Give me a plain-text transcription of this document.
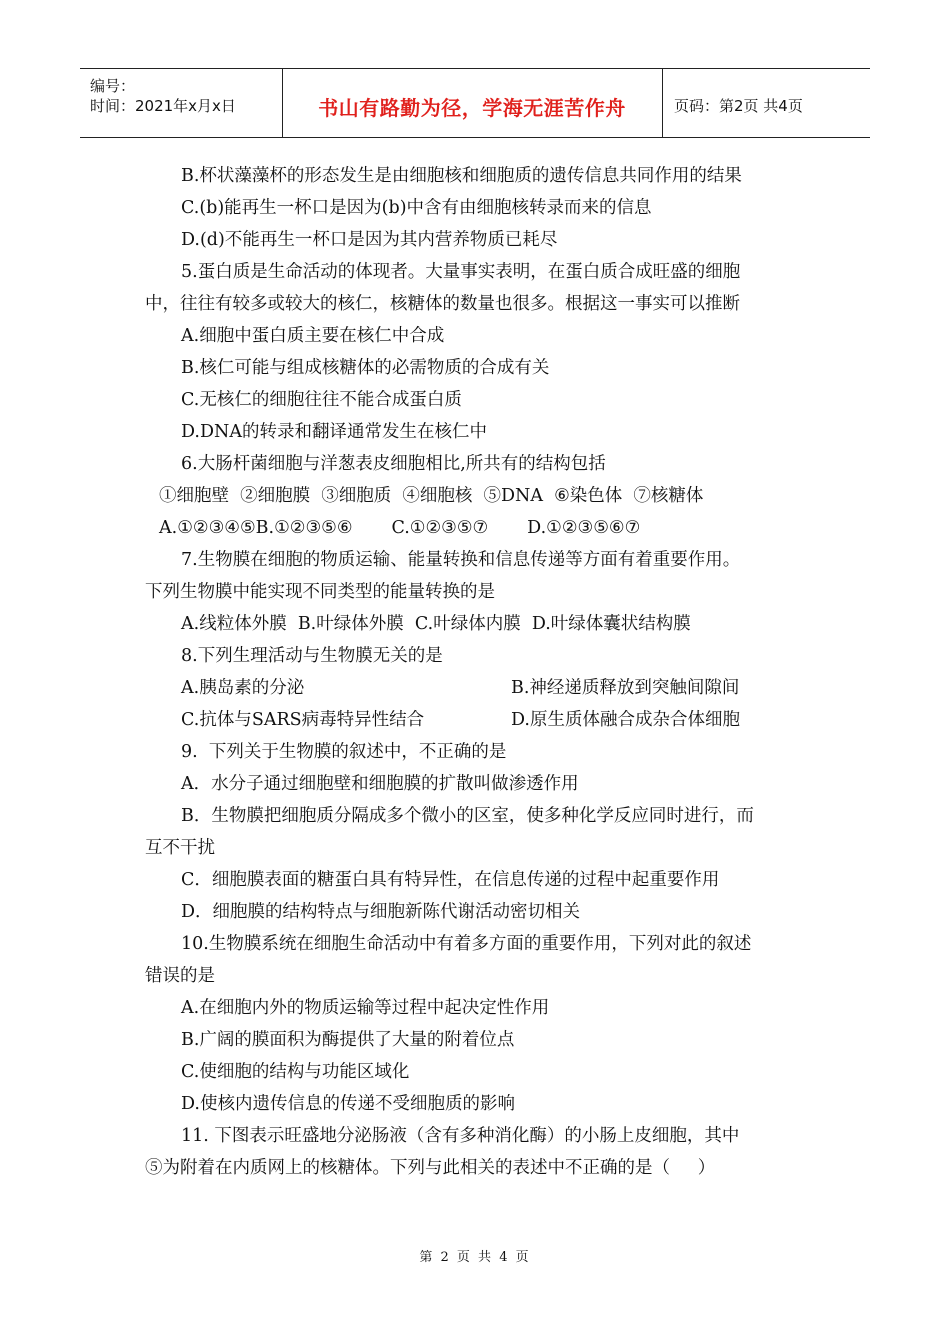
编号：
时间：2021年x月x日	书山有路勤为径，学海无涯苦作舟	页码：第2页 共4页
B.杯状藻藻杯的形态发生是由细胞核和细胞质的遗传信息共同作用的结果
C.(b)能再生一杯口是因为(b)中含有由细胞核转录而来的信息
D.(d)不能再生一杯口是因为其内营养物质已耗尽
5.蛋白质是生命活动的体现者。大量事实表明，在蛋白质合成旺盛的细胞
中，往往有较多或较大的核仁，核糖体的数量也很多。根据这一事实可以推断
A.细胞中蛋白质主要在核仁中合成
B.核仁可能与组成核糖体的必需物质的合成有关
C.无核仁的细胞往往不能合成蛋白质
D.DNA的转录和翻译通常发生在核仁中
6.大肠杆菌细胞与洋葱表皮细胞相比,所共有的结构包括
①细胞壁  ②细胞膜  ③细胞质  ④细胞核  ⑤DNA  ⑥染色体  ⑦核糖体
A.①②③④⑤B.①②③⑤⑥       C.①②③⑤⑦       D.①②③⑤⑥⑦
7.生物膜在细胞的物质运输、能量转换和信息传递等方面有着重要作用。
下列生物膜中能实现不同类型的能量转换的是
A.线粒体外膜  B.叶绿体外膜  C.叶绿体内膜  D.叶绿体囊状结构膜
8.下列生理活动与生物膜无关的是
A.胰岛素的分泌	B.神经递质释放到突触间隙间
C.抗体与SARS病毒特异性结合	D.原生质体融合成杂合体细胞
9.  下列关于生物膜的叙述中，不正确的是
A．水分子通过细胞壁和细胞膜的扩散叫做渗透作用
B．生物膜把细胞质分隔成多个微小的区室，使多种化学反应同时进行，而
互不干扰
C．细胞膜表面的糖蛋白具有特异性，在信息传递的过程中起重要作用
D．细胞膜的结构特点与细胞新陈代谢活动密切相关
10.生物膜系统在细胞生命活动中有着多方面的重要作用，下列对此的叙述
错误的是
A.在细胞内外的物质运输等过程中起决定性作用
B.广阔的膜面积为酶提供了大量的附着位点
C.使细胞的结构与功能区域化
D.使核内遗传信息的传递不受细胞质的影响
11. 下图表示旺盛地分泌肠液（含有多种消化酶）的小肠上皮细胞，其中
⑤为附着在内质网上的核糖体。下列与此相关的表述中不正确的是（     ）
第 2 页 共 4 页
